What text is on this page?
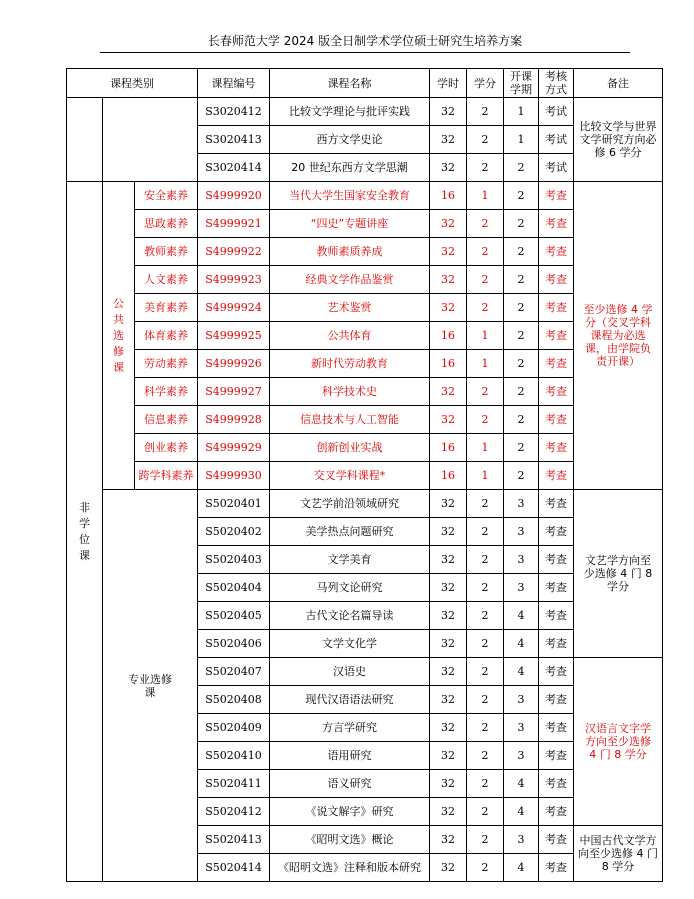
长春师范大学 2024 版全日制学术学位硕士研究生培养方案
课程类别			课程编号	课程名称	学时	学分	开课学期	考核方式	备注
			S3020412	比较文学理论与批评实践	32	2	1	考试	比较文学与世界文学研究方向必修 6 学分
			S3020413	西方文学史论	32	2	1	考试	
			S3020414	20 世纪东西方文学思潮	32	2	2	考试	
非学位课	公共选修课	安全素养	S4999920	当代大学生国家安全教育	16	1	2	考查	至少选修 4 学分（交叉学科课程为必选课，由学院负责开课）
		思政素养	S4999921	“四史”专题讲座	32	2	2	考查	
		教师素养	S4999922	教师素质养成	32	2	2	考查	
		人文素养	S4999923	经典文学作品鉴赏	32	2	2	考查	
		美育素养	S4999924	艺术鉴赏	32	2	2	考查	
		体育素养	S4999925	公共体育	16	1	2	考查	
		劳动素养	S4999926	新时代劳动教育	16	1	2	考查	
		科学素养	S4999927	科学技术史	32	2	2	考查	
		信息素养	S4999928	信息技术与人工智能	32	2	2	考查	
		创业素养	S4999929	创新创业实战	16	1	2	考查	
		跨学科素养	S4999930	交叉学科课程*	16	1	2	考查	
	专业选修课		S5020401	文艺学前沿领域研究	32	2	3	考查	文艺学方向至少选修 4 门 8 学分
			S5020402	美学热点问题研究	32	2	3	考查	
			S5020403	文学美育	32	2	3	考查	
			S5020404	马列文论研究	32	2	3	考查	
			S5020405	古代文论名篇导读	32	2	4	考查	
			S5020406	文学文化学	32	2	4	考查	
			S5020407	汉语史	32	2	4	考查	汉语言文字学方向至少选修 4 门 8 学分
			S5020408	现代汉语语法研究	32	2	3	考查	
			S5020409	方言学研究	32	2	3	考查	
			S5020410	语用研究	32	2	3	考查	
			S5020411	语义研究	32	2	4	考查	
			S5020412	《说文解字》研究	32	2	4	考查	
			S5020413	《昭明文选》概论	32	2	3	考查	中国古代文学方向至少选修 4 门 8 学分
			S5020414	《昭明文选》注释和版本研究	32	2	4	考查	
